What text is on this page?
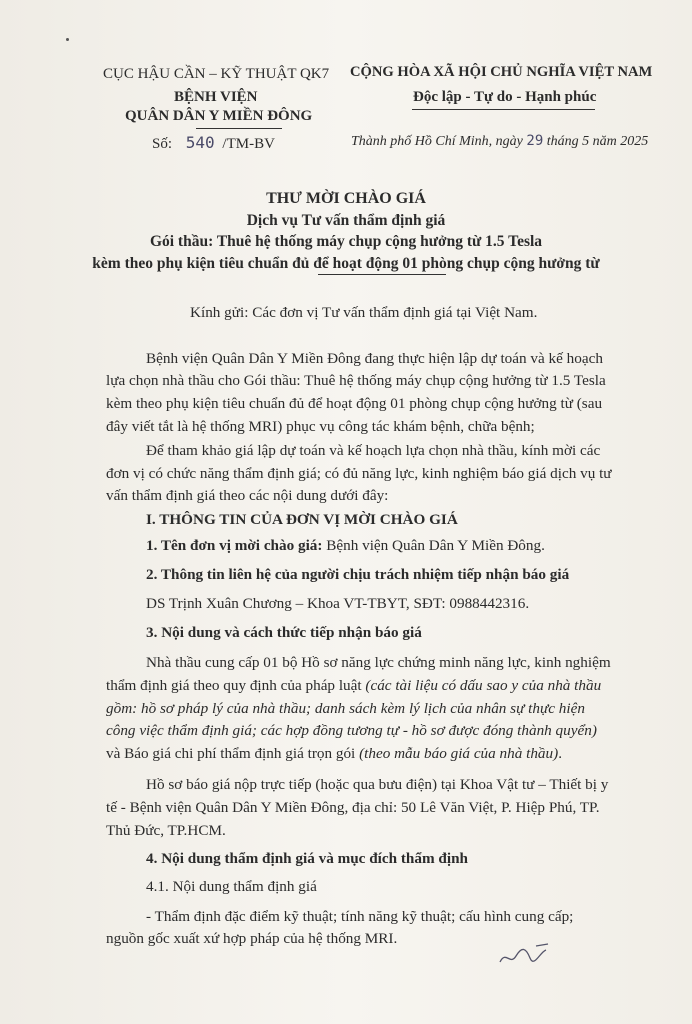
CỤC HẬU CẦN – KỸ THUẬT QK7
BỆNH VIỆN
QUÂN DÂN Y MIỀN ĐÔNG
Số: 540 /TM-BV
CỘNG HÒA XÃ HỘI CHỦ NGHĨA VIỆT NAM
Độc lập - Tự do - Hạnh phúc
Thành phố Hồ Chí Minh, ngày 29 tháng 5 năm 2025
THƯ MỜI CHÀO GIÁ
Dịch vụ Tư vấn thẩm định giá
Gói thầu: Thuê hệ thống máy chụp cộng hưởng từ 1.5 Tesla
kèm theo phụ kiện tiêu chuẩn đủ để hoạt động 01 phòng chụp cộng hưởng từ
Kính gửi: Các đơn vị Tư vấn thẩm định giá tại Việt Nam.
Bệnh viện Quân Dân Y Miền Đông đang thực hiện lập dự toán và kế hoạch
lựa chọn nhà thầu cho Gói thầu: Thuê hệ thống máy chụp cộng hưởng từ 1.5 Tesla
kèm theo phụ kiện tiêu chuẩn đủ để hoạt động 01 phòng chụp cộng hưởng từ (sau
đây viết tắt là hệ thống MRI) phục vụ công tác khám bệnh, chữa bệnh;
Để tham khảo giá lập dự toán và kế hoạch lựa chọn nhà thầu, kính mời các
đơn vị có chức năng thẩm định giá; có đủ năng lực, kinh nghiệm báo giá dịch vụ tư
vấn thẩm định giá theo các nội dung dưới đây:
I. THÔNG TIN CỦA ĐƠN VỊ MỜI CHÀO GIÁ
1. Tên đơn vị mời chào giá: Bệnh viện Quân Dân Y Miền Đông.
2. Thông tin liên hệ của người chịu trách nhiệm tiếp nhận báo giá
DS Trịnh Xuân Chương – Khoa VT-TBYT, SĐT: 0988442316.
3. Nội dung và cách thức tiếp nhận báo giá
Nhà thầu cung cấp 01 bộ Hồ sơ năng lực chứng minh năng lực, kinh nghiệm
thẩm định giá theo quy định của pháp luật (các tài liệu có dấu sao y của nhà thầu
gồm: hồ sơ pháp lý của nhà thầu; danh sách kèm lý lịch của nhân sự thực hiện
công việc thẩm định giá; các hợp đồng tương tự - hồ sơ được đóng thành quyển)
và Báo giá chi phí thẩm định giá trọn gói (theo mẫu báo giá của nhà thầu).
Hồ sơ báo giá nộp trực tiếp (hoặc qua bưu điện) tại Khoa Vật tư – Thiết bị y
tế - Bệnh viện Quân Dân Y Miền Đông, địa chỉ: 50 Lê Văn Việt, P. Hiệp Phú, TP.
Thủ Đức, TP.HCM.
4. Nội dung thẩm định giá và mục đích thẩm định
4.1. Nội dung thẩm định giá
- Thẩm định đặc điểm kỹ thuật; tính năng kỹ thuật; cấu hình cung cấp;
nguồn gốc xuất xứ hợp pháp của hệ thống MRI.
